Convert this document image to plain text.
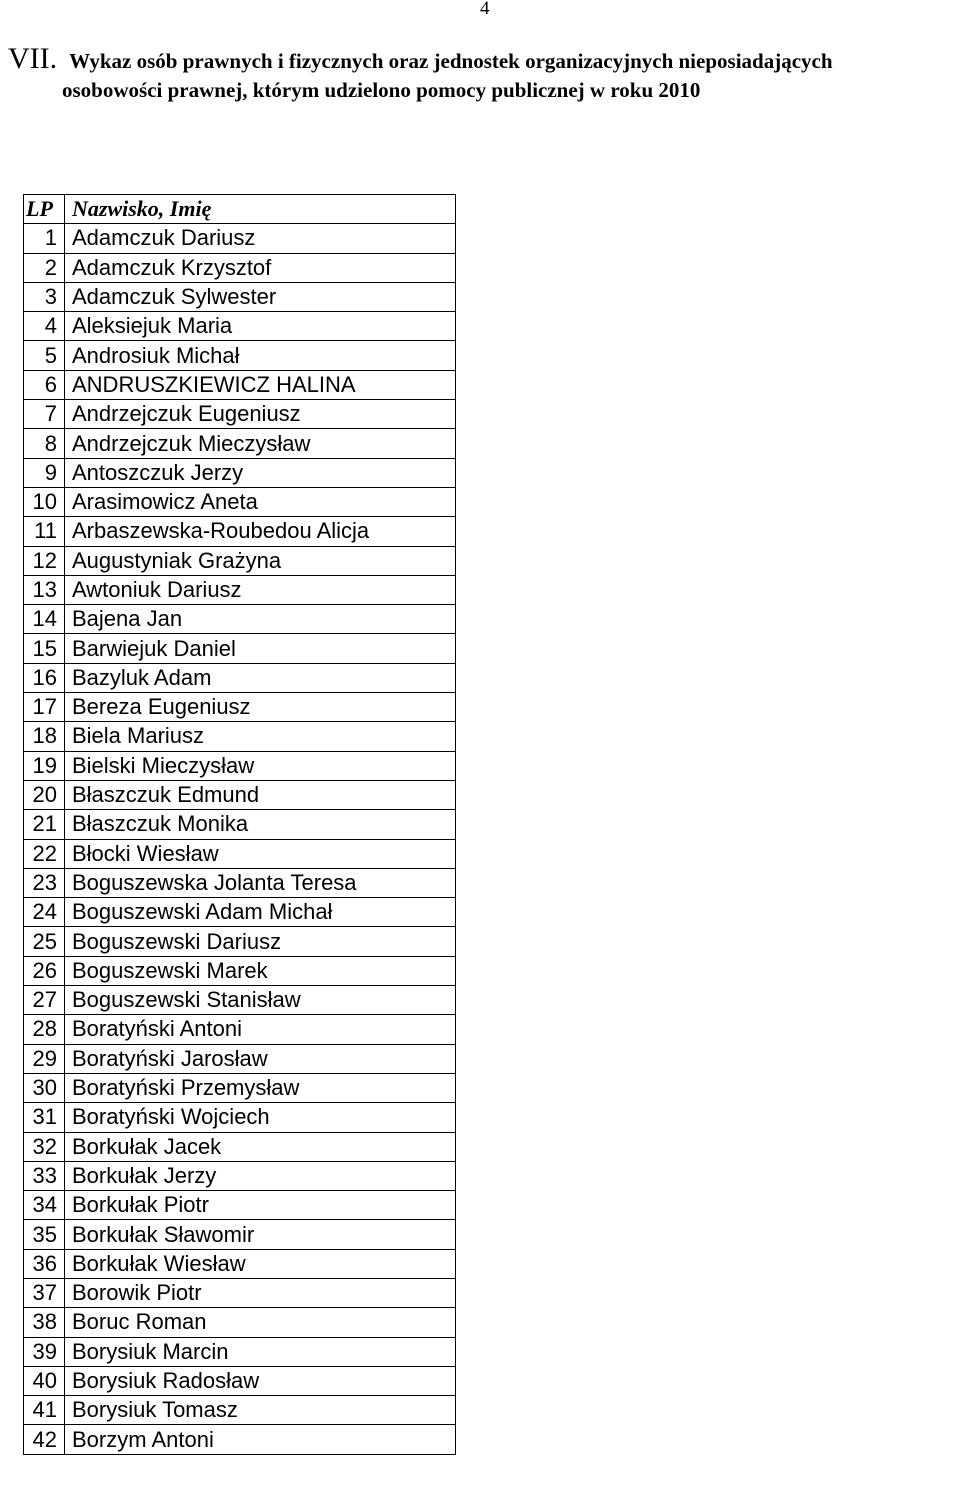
4
VII. Wykaz osób prawnych i fizycznych oraz jednostek organizacyjnych nieposiadających
osobowości prawnej, którym udzielono pomocy publicznej w roku 2010
LP	Nazwisko, Imię
1	Adamczuk Dariusz
2	Adamczuk Krzysztof
3	Adamczuk Sylwester
4	Aleksiejuk Maria
5	Androsiuk Michał
6	ANDRUSZKIEWICZ HALINA
7	Andrzejczuk Eugeniusz
8	Andrzejczuk Mieczysław
9	Antoszczuk Jerzy
10	Arasimowicz Aneta
11	Arbaszewska-Roubedou Alicja
12	Augustyniak Grażyna
13	Awtoniuk Dariusz
14	Bajena Jan
15	Barwiejuk Daniel
16	Bazyluk Adam
17	Bereza Eugeniusz
18	Biela Mariusz
19	Bielski Mieczysław
20	Błaszczuk Edmund
21	Błaszczuk Monika
22	Błocki Wiesław
23	Boguszewska Jolanta Teresa
24	Boguszewski Adam Michał
25	Boguszewski Dariusz
26	Boguszewski Marek
27	Boguszewski Stanisław
28	Boratyński Antoni
29	Boratyński Jarosław
30	Boratyński Przemysław
31	Boratyński Wojciech
32	Borkułak Jacek
33	Borkułak Jerzy
34	Borkułak Piotr
35	Borkułak Sławomir
36	Borkułak Wiesław
37	Borowik Piotr
38	Boruc Roman
39	Borysiuk Marcin
40	Borysiuk Radosław
41	Borysiuk Tomasz
42	Borzym Antoni
